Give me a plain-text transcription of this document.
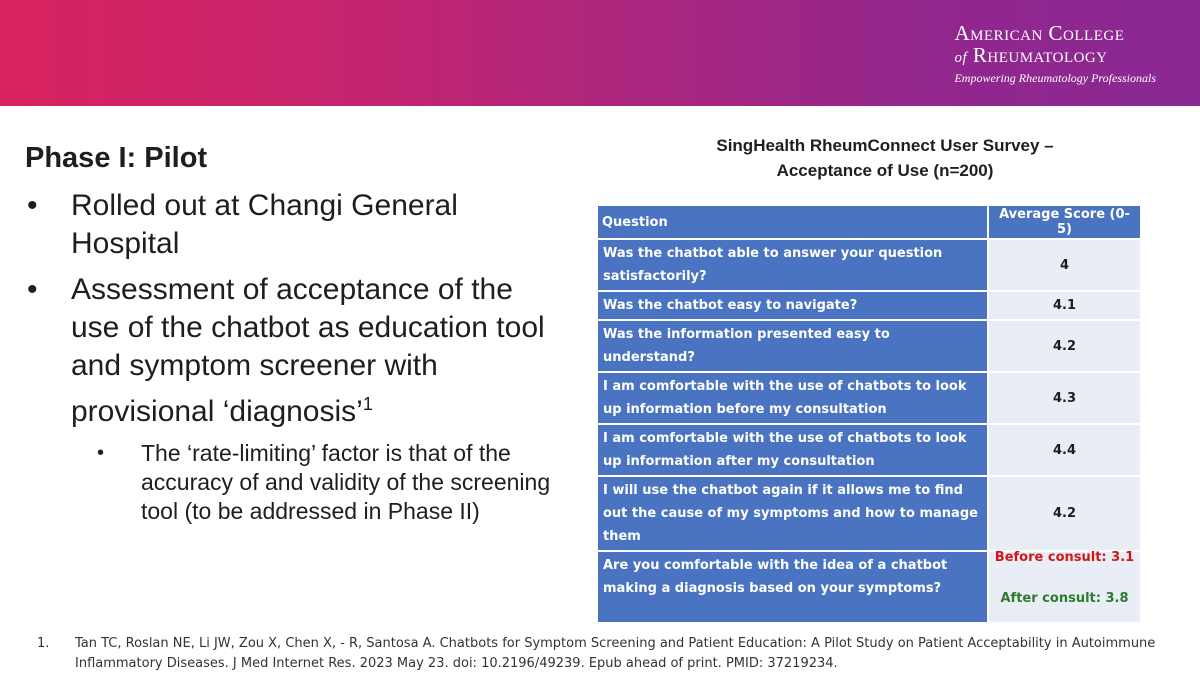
American College
of Rheumatology
Empowering Rheumatology Professionals
Phase I: Pilot
• Rolled out at Changi General Hospital
• Assessment of acceptance of the use of the chatbot as education tool and symptom screener with provisional ‘diagnosis’$^1$
• The ‘rate-limiting’ factor is that of the accuracy of and validity of the screening tool (to be addressed in Phase II)
SingHealth RheumConnect User Survey –
Acceptance of Use (n=200)
Question	Average Score (0-5)
Was the chatbot able to answer your question satisfactorily?	4
Was the chatbot easy to navigate?	4.1
Was the information presented easy to understand?	4.2
I am comfortable with the use of chatbots to look up information before my consultation	4.3
I am comfortable with the use of chatbots to look up information after my consultation	4.4
I will use the chatbot again if it allows me to find out the cause of my symptoms and how to manage them	4.2
Are you comfortable with the idea of a chatbot making a diagnosis based on your symptoms?	Before consult: 3.1
After consult: 3.8
1. Tan TC, Roslan NE, Li JW, Zou X, Chen X, - R, Santosa A. Chatbots for Symptom Screening and Patient Education: A Pilot Study on Patient Acceptability in Autoimmune Inflammatory Diseases. J Med Internet Res. 2023 May 23. doi: 10.2196/49239. Epub ahead of print. PMID: 37219234.
